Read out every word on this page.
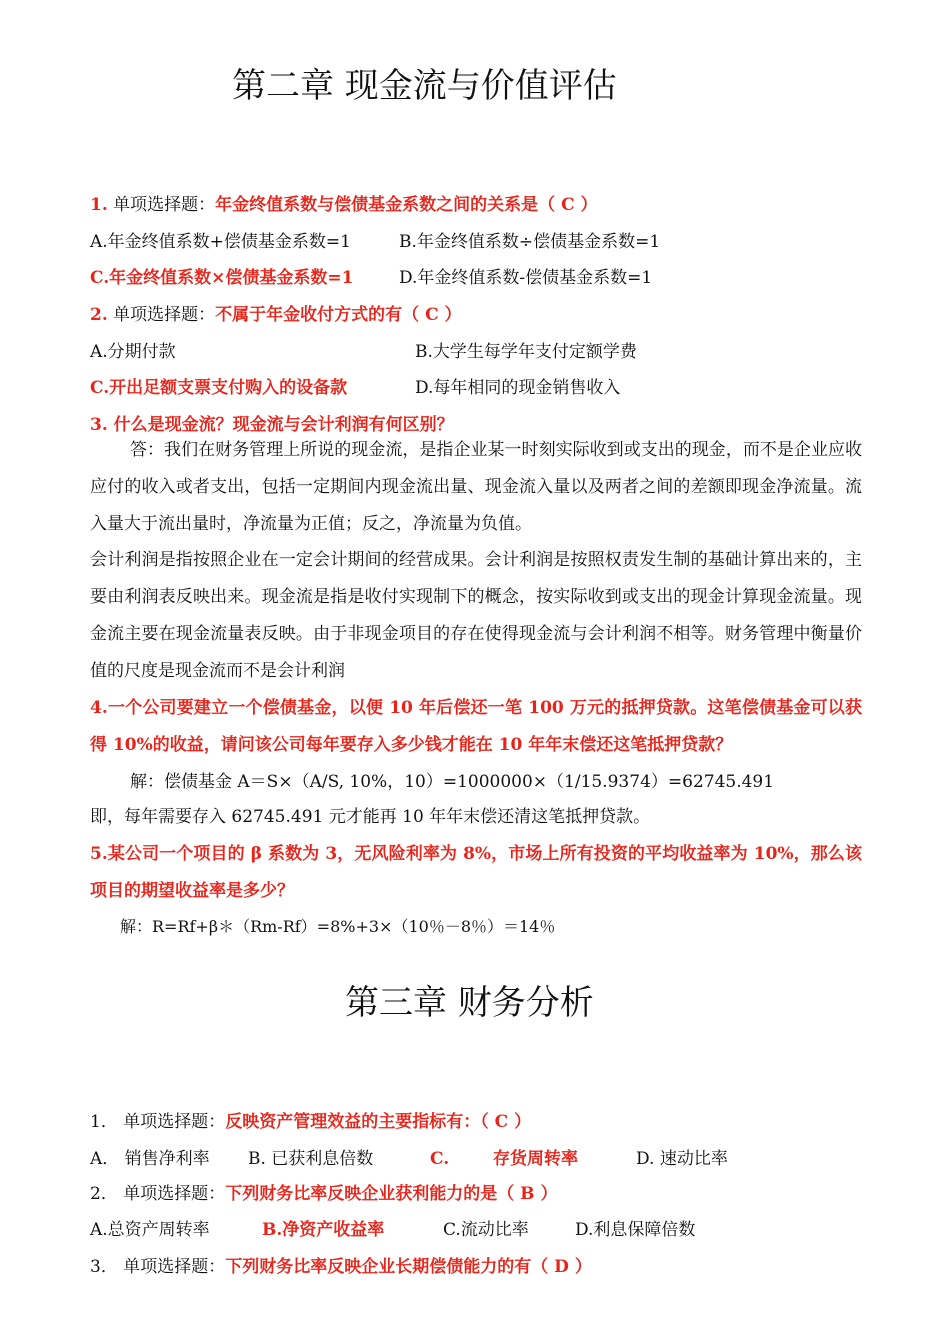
第二章 现金流与价值评估
1. 单项选择题：年金终值系数与偿债基金系数之间的关系是（ C ）
A.年金终值系数+偿债基金系数=1	B.年金终值系数÷偿债基金系数=1
C.年金终值系数×偿债基金系数=1	D.年金终值系数-偿债基金系数=1
2. 单项选择题：不属于年金收付方式的有（ C ）
A.分期付款	B.大学生每学年支付定额学费
C.开出足额支票支付购入的设备款	D.每年相同的现金销售收入
3. 什么是现金流？现金流与会计利润有何区别？
答：我们在财务管理上所说的现金流，是指企业某一时刻实际收到或支出的现金，而不是企业应收应付的收入或者支出，包括一定期间内现金流出量、现金流入量以及两者之间的差额即现金净流量。流入量大于流出量时，净流量为正值；反之，净流量为负值。
会计利润是指按照企业在一定会计期间的经营成果。会计利润是按照权责发生制的基础计算出来的，主要由利润表反映出来。现金流是指是收付实现制下的概念，按实际收到或支出的现金计算现金流量。现金流主要在现金流量表反映。由于非现金项目的存在使得现金流与会计利润不相等。财务管理中衡量价值的尺度是现金流而不是会计利润
4.一个公司要建立一个偿债基金，以便 10 年后偿还一笔 100 万元的抵押贷款。这笔偿债基金可以获得 10%的收益，请问该公司每年要存入多少钱才能在 10 年年末偿还这笔抵押贷款？
解：偿债基金 A＝S×（A/S, 10%，10）=1000000×（1/15.9374）=62745.491
即，每年需要存入 62745.491 元才能再 10 年年末偿还清这笔抵押贷款。
5.某公司一个项目的 β 系数为 3，无风险利率为 8%，市场上所有投资的平均收益率为 10%，那么该项目的期望收益率是多少？
解：R=Rf+β＊（Rm-Rf）=8%+3×（10％－8％）＝14％
第三章 财务分析
1． 单项选择题：反映资产管理效益的主要指标有：（ C ）
A． 销售净利率 B. 已获利息倍数	C.	存货周转率	D. 速动比率
2． 单项选择题：下列财务比率反映企业获利能力的是（ B ）
A.总资产周转率	B.净资产收益率	C.流动比率	D.利息保障倍数
3． 单项选择题：下列财务比率反映企业长期偿债能力的有（ D ）
